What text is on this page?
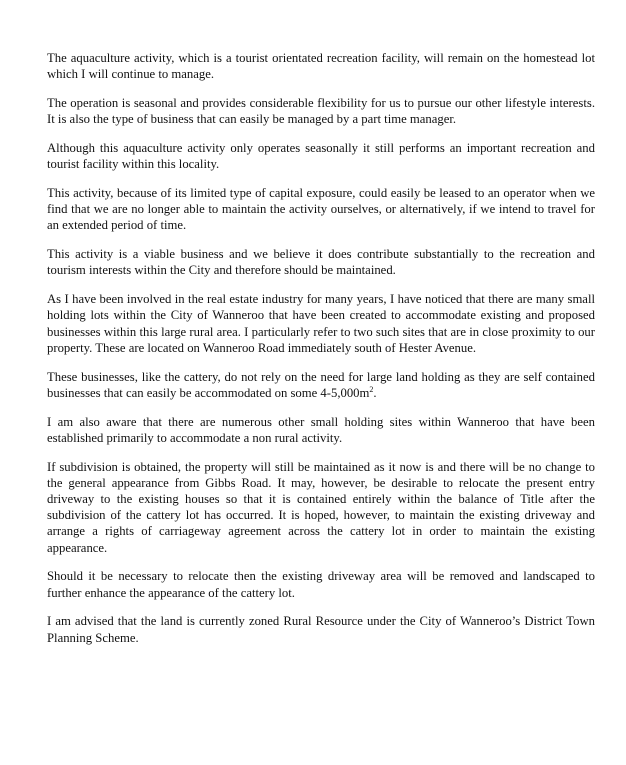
The aquaculture activity, which is a tourist orientated recreation facility, will remain on the homestead lot which I will continue to manage.

The operation is seasonal and provides considerable flexibility for us to pursue our other lifestyle interests. It is also the type of business that can easily be managed by a part time manager.

Although this aquaculture activity only operates seasonally it still performs an important recreation and tourist facility within this locality.

This activity, because of its limited type of capital exposure, could easily be leased to an operator when we find that we are no longer able to maintain the activity ourselves, or alternatively, if we intend to travel for an extended period of time.

This activity is a viable business and we believe it does contribute substantially to the recreation and tourism interests within the City and therefore should be maintained.

As I have been involved in the real estate industry for many years, I have noticed that there are many small holding lots within the City of Wanneroo that have been created to accommodate existing and proposed businesses within this large rural area. I particularly refer to two such sites that are in close proximity to our property. These are located on Wanneroo Road immediately south of Hester Avenue.

These businesses, like the cattery, do not rely on the need for large land holding as they are self contained businesses that can easily be accommodated on some $4-5,000m^2$.

I am also aware that there are numerous other small holding sites within Wanneroo that have been established primarily to accommodate a non rural activity.

If subdivision is obtained, the property will still be maintained as it now is and there will be no change to the general appearance from Gibbs Road. It may, however, be desirable to relocate the present entry driveway to the existing houses so that it is contained entirely within the balance of Title after the subdivision of the cattery lot has occurred. It is hoped, however, to maintain the existing driveway and arrange a rights of carriageway agreement across the cattery lot in order to maintain the existing appearance.

Should it be necessary to relocate then the existing driveway area will be removed and landscaped to further enhance the appearance of the cattery lot.

I am advised that the land is currently zoned Rural Resource under the City of Wanneroo’s District Town Planning Scheme.
